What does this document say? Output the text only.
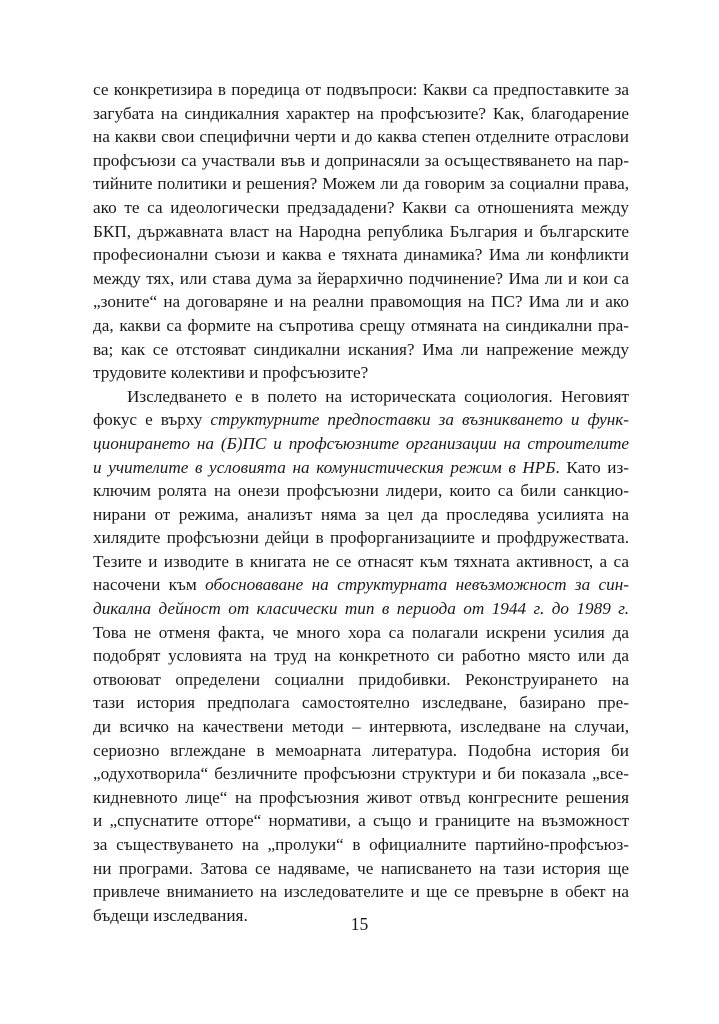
се конкретизира в поредица от подвъпроси: Какви са предпоставките за
загубата на синдикалния характер на профсъюзите? Как, благодарение
на какви свои специфични черти и до каква степен отделните отраслови
профсъюзи са участвали във и допринасяли за осъществяването на пар-
тийните политики и решения? Можем ли да говорим за социални права,
ако те са идеологически предзададени? Какви са отношенията между
БКП, държавната власт на Народна република България и българските
професионални съюзи и каква е тяхната динамика? Има ли конфликти
между тях, или става дума за йерархично подчинение? Има ли и кои са
„зоните“ на договаряне и на реални правомощия на ПС? Има ли и ако
да, какви са формите на съпротива срещу отмяната на синдикални пра-
ва; как се отстояват синдикални искания? Има ли напрежение между
трудовите колективи и профсъюзите?
Изследването е в полето на историческата социология. Неговият
фокус е върху структурните предпоставки за възникването и функ-
ционирането на (Б)ПС и профсъюзните организации на строителите
и учителите в условията на комунистическия режим в НРБ. Като из-
ключим ролята на онези профсъюзни лидери, които са били санкцио-
нирани от режима, анализът няма за цел да проследява усилията на
хилядите профсъюзни дейци в профорганизациите и профдружествата.
Тезите и изводите в книгата не се отнасят към тяхната активност, а са
насочени към обосноваване на структурната невъзможност за син-
дикална дейност от класически тип в периода от 1944 г. до 1989 г.
Това не отменя факта, че много хора са полагали искрени усилия да
подобрят условията на труд на конкретното си работно място или да
отвоюват определени социални придобивки. Реконструирането на
тази история предполага самостоятелно изследване, базирано пре-
ди всичко на качествени методи – интервюта, изследване на случаи,
сериозно вглеждане в мемоарната литература. Подобна история би
„одухотворила“ безличните профсъюзни структури и би показала „все-
кидневното лице“ на профсъюзния живот отвъд конгресните решения
и „спуснатите отторе“ нормативи, а също и границите на възможност
за съществуването на „пролуки“ в официалните партийно-профсъюз-
ни програми. Затова се надяваме, че написването на тази история ще
привлече вниманието на изследователите и ще се превърне в обект на
бъдещи изследвания.	15
